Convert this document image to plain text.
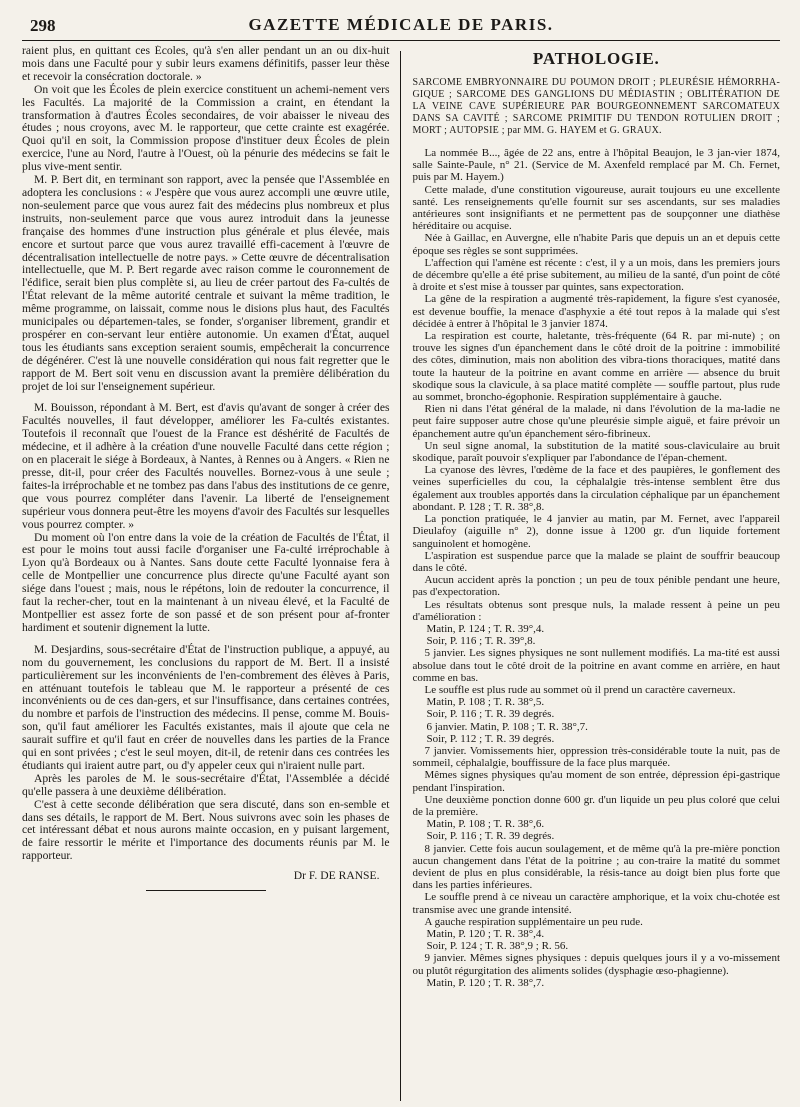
298	GAZETTE MÉDICALE DE PARIS.

raient plus, en quittant ces Écoles, qu'à s'en aller pendant un an ou dix-huit mois dans une Faculté pour y subir leurs examens définitifs, passer leur thèse et recevoir la consécration doctorale. »

On voit que les Écoles de plein exercice constituent un achemi-nement vers les Facultés. La majorité de la Commission a craint, en étendant la transformation à d'autres Écoles secondaires, de voir abaisser le niveau des études ; nous croyons, avec M. le rapporteur, que cette crainte est exagérée. Quoi qu'il en soit, la Commission propose d'instituer deux Écoles de plein exercice, l'une au Nord, l'autre à l'Ouest, où la pénurie des médecins se fait le plus vive-ment sentir.

M. P. Bert dit, en terminant son rapport, avec la pensée que l'Assemblée en adoptera les conclusions : « J'espère que vous aurez accompli une œuvre utile, non-seulement parce que vous aurez fait des médecins plus nombreux et plus instruits, non-seulement parce que vous aurez introduit dans la jeunesse française des hommes d'une instruction plus générale et plus élevée, mais encore et surtout parce que vous aurez travaillé effi-cacement à l'œuvre de décentralisation intellectuelle de notre pays. » Cette œuvre de décentralisation intellectuelle, que M. P. Bert regarde avec raison comme le couronnement de l'édifice, serait bien plus complète si, au lieu de créer partout des Fa-cultés de l'État relevant de la même autorité centrale et suivant la même tradition, le même programme, on laissait, comme nous le disions plus haut, des Facultés municipales ou départemen-tales, se fonder, s'organiser librement, grandir et prospérer en con-servant leur entière autonomie. Un examen d'État, auquel tous les étudiants sans exception seraient soumis, empêcherait la concurrence de dégénérer. C'est là une nouvelle considération qui nous fait regretter que le rapport de M. Bert soit venu en discussion avant la première délibération du projet de loi sur l'enseignement supérieur.

M. Bouisson, répondant à M. Bert, est d'avis qu'avant de songer à créer des Facultés nouvelles, il faut développer, améliorer les Fa-cultés existantes. Toutefois il reconnaît que l'ouest de la France est déshérité de Facultés de médecine, et il adhère à la création d'une nouvelle Faculté dans cette région ; on en placerait le siége à Bordeaux, à Nantes, à Rennes ou à Angers. « Rien ne presse, dit-il, pour créer des Facultés nouvelles. Bornez-vous à une seule ; faites-la irréprochable et ne tombez pas dans l'abus des institutions de ce genre, que vous pourrez compléter dans l'avenir. La liberté de l'enseignement supérieur vous donnera peut-être les moyens d'avoir des Facultés sur lesquelles vous pourrez compter. »

Du moment où l'on entre dans la voie de la création de Facultés de l'État, il est pour le moins tout aussi facile d'organiser une Fa-culté irréprochable à Lyon qu'à Bordeaux ou à Nantes. Sans doute cette Faculté lyonnaise fera à celle de Montpellier une concurrence plus directe qu'une Faculté ayant son siége dans l'ouest ; mais, nous le répétons, loin de redouter la concurrence, il faut la recher-cher, tout en la maintenant à un niveau élevé, et la Faculté de Montpellier est assez forte de son passé et de son présent pour af-fronter hardiment et soutenir dignement la lutte.

M. Desjardins, sous-secrétaire d'État de l'instruction publique, a appuyé, au nom du gouvernement, les conclusions du rapport de M. Bert. Il a insisté particulièrement sur les inconvénients de l'en-combrement des élèves à Paris, en atténuant toutefois le tableau que M. le rapporteur a présenté de ces inconvénients ou de ces dan-gers, et sur l'insuffisance, dans certaines contrées, du nombre et parfois de l'instruction des médecins. Il pense, comme M. Bouis-son, qu'il faut améliorer les Facultés existantes, mais il ajoute que cela ne saurait suffire et qu'il faut en créer de nouvelles dans les parties de la France qui en sont privées ; c'est le seul moyen, dit-il, de retenir dans ces contrées les étudiants qui iraient autre part, ou d'y appeler ceux qui n'iraient nulle part.

Après les paroles de M. le sous-secrétaire d'État, l'Assemblée a décidé qu'elle passera à une deuxième délibération.

C'est à cette seconde délibération que sera discuté, dans son en-semble et dans ses détails, le rapport de M. Bert. Nous suivrons avec soin les phases de cet intéressant débat et nous aurons mainte occasion, en y puisant largement, de faire ressortir le mérite et l'importance des documents réunis par M. le rapporteur.

Dr F. DE RANSE.
PATHOLOGIE.
SARCOME EMBRYONNAIRE DU POUMON DROIT ; PLEURÉSIE HÉMORRHA-GIQUE ; SARCOME DES GANGLIONS DU MÉDIASTIN ; OBLITÉRATION DE LA VEINE CAVE SUPÉRIEURE PAR BOURGEONNEMENT SARCOMATEUX DANS SA CAVITÉ ; SARCOME PRIMITIF DU TENDON ROTULIEN DROIT ; MORT ; AUTOPSIE ; par MM. G. HAYEM et G. GRAUX.

La nommée B..., âgée de 22 ans, entre à l'hôpital Beaujon, le 3 jan-vier 1874, salle Sainte-Paule, n° 21. (Service de M. Axenfeld remplacé par M. Ch. Fernet, puis par M. Hayem.)

Cette malade, d'une constitution vigoureuse, aurait toujours eu une excellente santé. Les renseignements qu'elle fournit sur ses ascendants, sur ses maladies antérieures sont insignifiants et ne permettent pas de soupçonner une diathèse héréditaire ou acquise.

Née à Gaillac, en Auvergne, elle n'habite Paris que depuis un an et depuis cette époque ses règles se sont supprimées.

L'affection qui l'amène est récente : c'est, il y a un mois, dans les premiers jours de décembre qu'elle a été prise subitement, au milieu de la santé, d'un point de côté à droite et s'est mise à tousser par quintes, sans expectoration.

La gêne de la respiration a augmenté très-rapidement, la figure s'est cyanosée, est devenue bouffie, la menace d'asphyxie a été tout repos à la malade qui s'est décidée à entrer à l'hôpital le 3 janvier 1874.

La respiration est courte, haletante, très-fréquente (64 R. par mi-nute) ; on trouve les signes d'un épanchement dans le côté droit de la poitrine : immobilité des côtes, diminution, mais non abolition des vibra-tions thoraciques, matité dans toute la hauteur de la poitrine en avant comme en arrière — absence du bruit skodique sous la clavicule, à sa place matité complète — souffle partout, plus rude au sommet, broncho-égophonie. Respiration supplémentaire à gauche.

Rien ni dans l'état général de la malade, ni dans l'évolution de la ma-ladie ne peut faire supposer autre chose qu'une pleurésie simple aiguë, et faire prévoir un épanchement autre qu'un épanchement séro-fibrineux.

Un seul signe anomal, la substitution de la matité sous-claviculaire au bruit skodique, paraît pouvoir s'expliquer par l'abondance de l'épan-chement.

La cyanose des lèvres, l'œdème de la face et des paupières, le gonflement des veines superficielles du cou, la céphalalgie très-intense semblent être dus également aux troubles apportés dans la circulation céphalique par un épanchement abondant. P. 128 ; T. R. 38°,8.

La ponction pratiquée, le 4 janvier au matin, par M. Fernet, avec l'appareil Dieulafoy (aiguille n° 2), donne issue à 1200 gr. d'un liquide fortement sanguinolent et homogène.

L'aspiration est suspendue parce que la malade se plaint de souffrir beaucoup dans le côté.

Aucun accident après la ponction ; un peu de toux pénible pendant une heure, pas d'expectoration.

Les résultats obtenus sont presque nuls, la malade ressent à peine un peu d'amélioration :

Matin, P. 124 ; T. R. 39°,4.

Soir, P. 116 ; T. R. 39°,8.

5 janvier. Les signes physiques ne sont nullement modifiés. La ma-tité est aussi absolue dans tout le côté droit de la poitrine en avant comme en arrière, en haut comme en bas.

Le souffle est plus rude au sommet où il prend un caractère caverneux.

Matin, P. 108 ; T. R. 38°,5.

Soir, P. 116 ; T. R. 39 degrés.

6 janvier. Matin, P. 108 ; T. R. 38°,7.

Soir, P. 112 ; T. R. 39 degrés.

7 janvier. Vomissements hier, oppression très-considérable toute la nuit, pas de sommeil, céphalalgie, bouffissure de la face plus marquée.

Mêmes signes physiques qu'au moment de son entrée, dépression épi-gastrique pendant l'inspiration.

Une deuxième ponction donne 600 gr. d'un liquide un peu plus coloré que celui de la première.

Matin, P. 108 ; T. R. 38°,6.

Soir, P. 116 ; T. R. 39 degrés.

8 janvier. Cette fois aucun soulagement, et de même qu'à la pre-mière ponction aucun changement dans l'état de la poitrine ; au con-traire la matité du sommet devient de plus en plus considérable, la résis-tance au doigt bien plus forte que dans les parties inférieures.

Le souffle prend à ce niveau un caractère amphorique, et la voix chu-chotée est transmise avec une grande intensité.

A gauche respiration supplémentaire un peu rude.

Matin, P. 120 ; T. R. 38°,4.

Soir, P. 124 ; T. R. 38°,9 ; R. 56.

9 janvier. Mêmes signes physiques : depuis quelques jours il y a vo-missement ou plutôt régurgitation des aliments solides (dysphagie œso-phagienne).

Matin, P. 120 ; T. R. 38°,7.
